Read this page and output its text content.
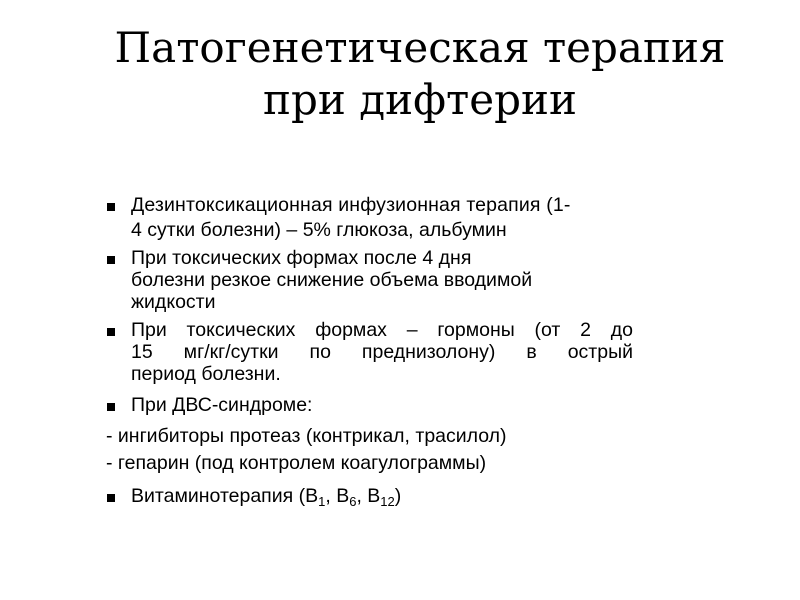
Патогенетическая терапия
при дифтерии
Дезинтоксикационная инфузионная терапия (1-
4 сутки болезни) – 5% глюкоза, альбумин
При токсических формах после 4 дня
болезни резкое снижение объема вводимой
жидкости
При токсических формах – гормоны (от 2 до
15 мг/кг/сутки по преднизолону) в острый
период болезни.
При ДВС-синдроме:
- ингибиторы протеаз (контрикал, трасилол)
- гепарин (под контролем коагулограммы)
Витаминотерапия ($В_1$, $В_6$, $В_{12}$)
